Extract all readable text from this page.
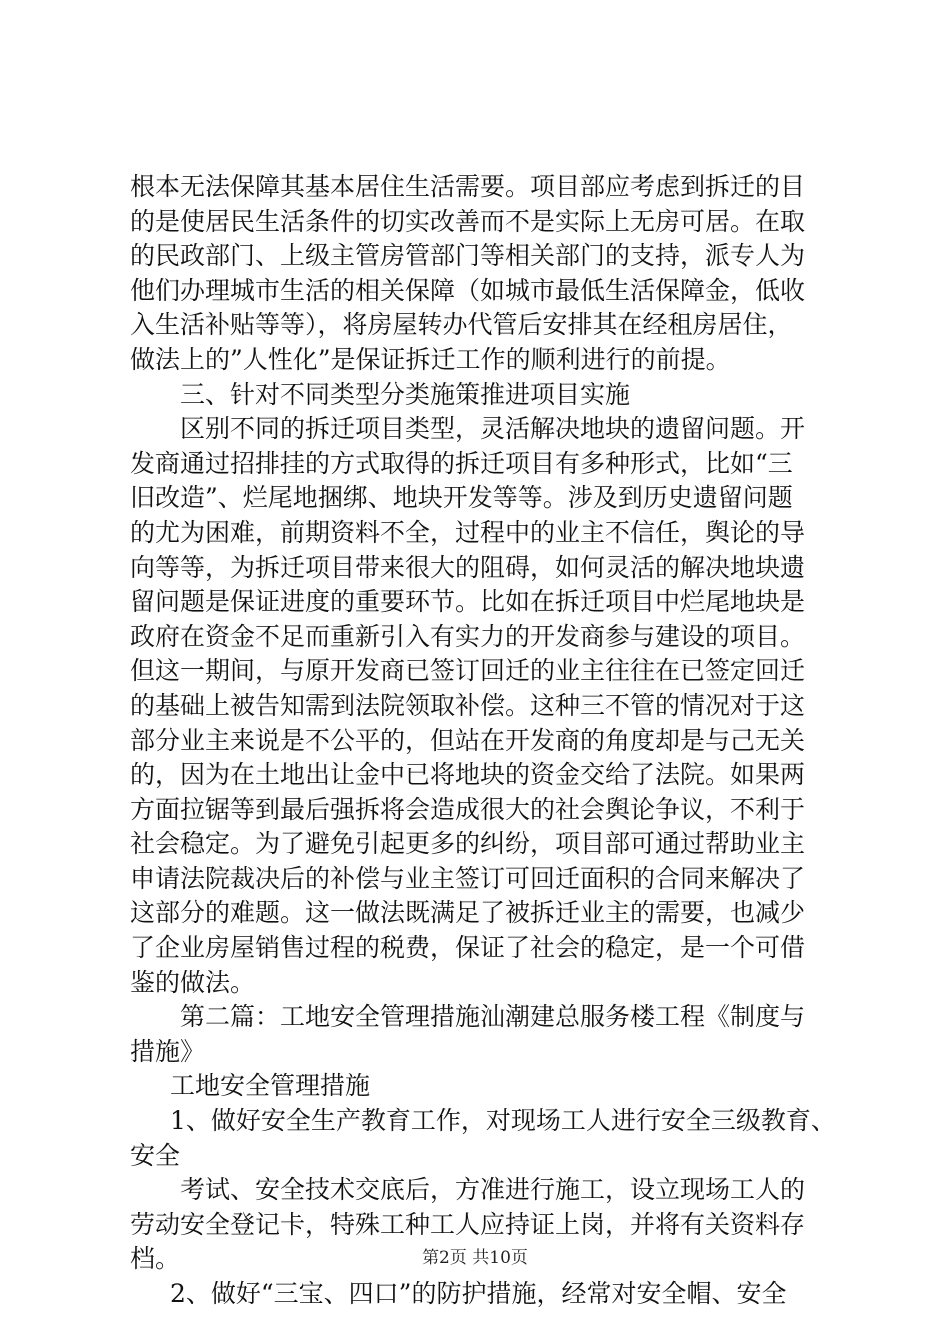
根本无法保障其基本居住生活需要。项目部应考虑到拆迁的目
的是使居民生活条件的切实改善而不是实际上无房可居。在取
的民政部门、上级主管房管部门等相关部门的支持，派专人为
他们办理城市生活的相关保障（如城市最低生活保障金，低收
入生活补贴等等），将房屋转办代管后安排其在经租房居住，
做法上的”人性化”是保证拆迁工作的顺利进行的前提。
三、针对不同类型分类施策推进项目实施
区别不同的拆迁项目类型，灵活解决地块的遗留问题。开
发商通过招排挂的方式取得的拆迁项目有多种形式，比如“三
旧改造”、烂尾地捆绑、地块开发等等。涉及到历史遗留问题
的尤为困难，前期资料不全，过程中的业主不信任，舆论的导
向等等，为拆迁项目带来很大的阻碍，如何灵活的解决地块遗
留问题是保证进度的重要环节。比如在拆迁项目中烂尾地块是
政府在资金不足而重新引入有实力的开发商参与建设的项目。
但这一期间，与原开发商已签订回迁的业主往往在已签定回迁
的基础上被告知需到法院领取补偿。这种三不管的情况对于这
部分业主来说是不公平的，但站在开发商的角度却是与己无关
的，因为在土地出让金中已将地块的资金交给了法院。如果两
方面拉锯等到最后强拆将会造成很大的社会舆论争议，不利于
社会稳定。为了避免引起更多的纠纷，项目部可通过帮助业主
申请法院裁决后的补偿与业主签订可回迁面积的合同来解决了
这部分的难题。这一做法既满足了被拆迁业主的需要，也减少
了企业房屋销售过程的税费，保证了社会的稳定，是一个可借
鉴的做法。
第二篇：工地安全管理措施汕潮建总服务楼工程《制度与
措施》
工地安全管理措施
1、做好安全生产教育工作，对现场工人进行安全三级教育、
安全
考试、安全技术交底后，方准进行施工，设立现场工人的
劳动安全登记卡，特殊工种工人应持证上岗，并将有关资料存
档。
2、做好“三宝、四口”的防护措施，经常对安全帽、安全
第2页 共10页
